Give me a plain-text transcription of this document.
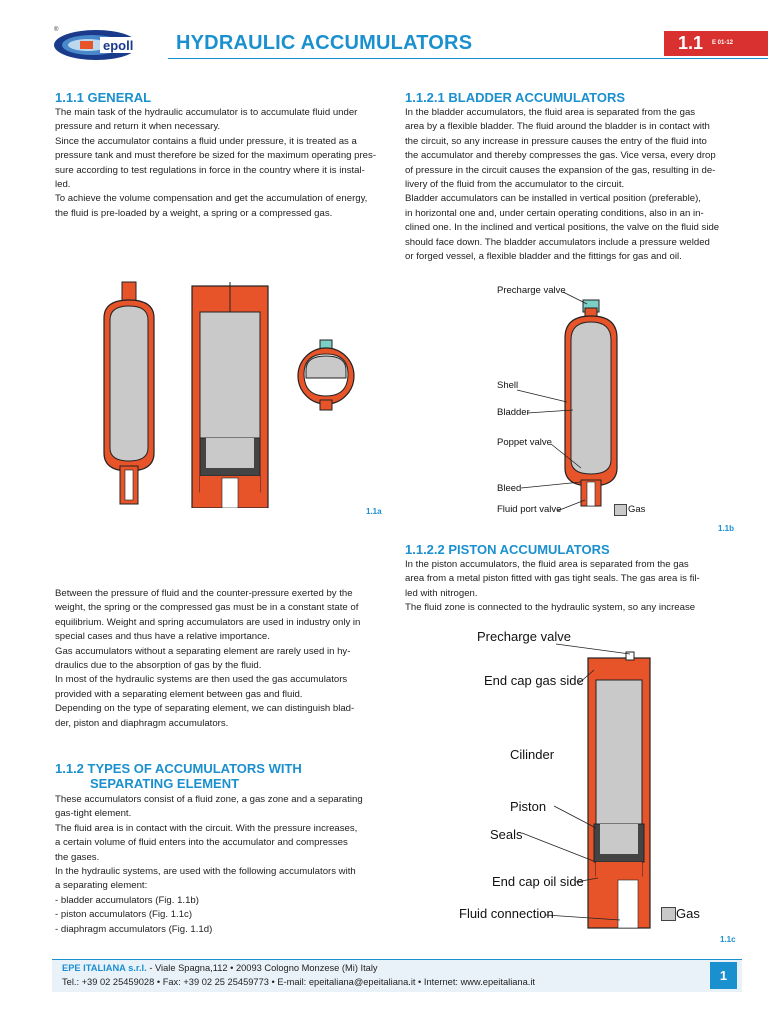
®
epoll HYDRAULIC ACCUMULATORS	1.1 E 01-12
1.1.1 GENERAL
The main task of the hydraulic accumulator is to accumulate fluid under
pressure and return it when necessary.
Since the accumulator contains a fluid under pressure, it is treated as a
pressure tank and must therefore be sized for the maximum operating pres-
sure according to test regulations in force in the country where it is instal-
led.
To achieve the volume compensation and get the accumulation of energy,
the fluid is pre-loaded by a weight, a spring or a compressed gas.
1.1a
Between the pressure of fluid and the counter-pressure exerted by the
weight, the spring or the compressed gas must be in a constant state of
equilibrium. Weight and spring accumulators are used in industry only in
special cases and thus have a relative importance.
Gas accumulators without a separating element are rarely used in hy-
draulics due to the absorption of gas by the fluid.
In most of the hydraulic systems are then used the gas accumulators
provided with a separating element between gas and fluid.
Depending on the type of separating element, we can distinguish blad-
der, piston and diaphragm accumulators.
1.1.2 TYPES OF ACCUMULATORS WITH
SEPARATING ELEMENT
These accumulators consist of a fluid zone, a gas zone and a separating
gas-tight element.
The fluid area is in contact with the circuit. With the pressure increases,
a certain volume of fluid enters into the accumulator and compresses
the gases.
In the hydraulic systems, are used with the following accumulators with
a separating element:
- bladder accumulators (Fig. 1.1b)
- piston accumulators (Fig. 1.1c)
- diaphragm accumulators (Fig. 1.1d)
1.1.2.1 BLADDER ACCUMULATORS
In the bladder accumulators, the fluid area is separated from the gas
area by a flexible bladder. The fluid around the bladder is in contact with
the circuit, so any increase in pressure causes the entry of the fluid into
the accumulator and thereby compresses the gas. Vice versa, every drop
of pressure in the circuit causes the expansion of the gas, resulting in de-
livery of the fluid from the accumulator to the circuit.
Bladder accumulators can be installed in vertical position (preferable),
in horizontal one and, under certain operating conditions, also in an in-
clined one. In the inclined and vertical positions, the valve on the fluid side
should face down. The bladder accumulators include a pressure welded
or forged vessel, a flexible bladder and the fittings for gas and oil.
Precharge valve
Shell
Bladder
Poppet valve
Bleed
Fluid port valve	Gas
1.1b
1.1.2.2 PISTON ACCUMULATORS
In the piston accumulators, the fluid area is separated from the gas
area from a metal piston fitted with gas tight seals. The gas area is fil-
led with nitrogen.
The fluid zone is connected to the hydraulic system, so any increase
Precharge valve
End cap gas side
Cilinder
Piston
Seals
End cap oil side
Fluid connection	Gas
1.1c
EPE ITALIANA s.r.l. - Viale Spagna,112 • 20093 Cologno Monzese (Mi) Italy
Tel.: +39 02 25459028 • Fax: +39 02 25 25459773 • E-mail: epeitaliana@epeitaliana.it • Internet: www.epeitaliana.it	1
